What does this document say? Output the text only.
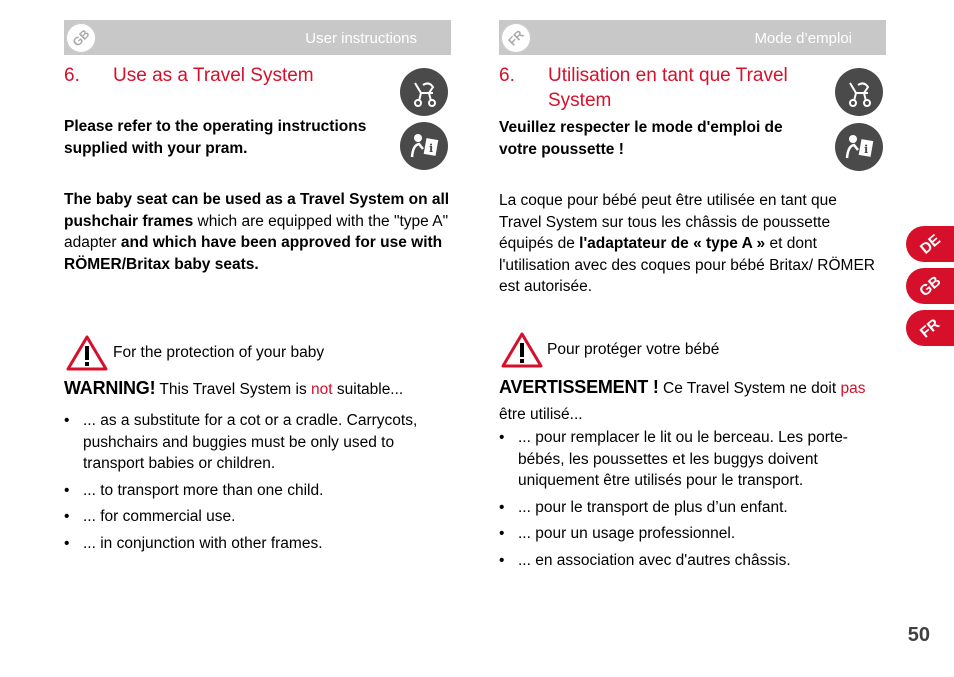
User instructions
GB	Mode d’emploi
FR
6. Use as a Travel System
i
Please refer to the operating instructions supplied with your pram.
The baby seat can be used as a Travel System on all pushchair frames which are equipped with the "type A" adapter and which have been approved for use with RÖMER/Britax baby seats.
For the protection of your baby
WARNING! This Travel System is not suitable...
• ... as a substitute for a cot or a cradle. Carrycots, pushchairs and buggies must be only used to transport babies or children.
• ... to transport more than one child.
• ... for commercial use.
• ... in conjunction with other frames.
6. Utilisation en tant que Travel
System
i
Veuillez respecter le mode d'emploi de votre poussette !
La coque pour bébé peut être utilisée en tant que Travel System sur tous les châssis de poussette équipés de l'adaptateur de « type A » et dont l'utilisation avec des coques pour bébé Britax/ RÖMER est autorisée.
Pour protéger votre bébé
AVERTISSEMENT ! Ce Travel System ne doit pas être utilisé...
• ... pour remplacer le lit ou le berceau. Les porte-bébés, les poussettes et les buggys doivent uniquement être utilisés pour le transport.
• ... pour le transport de plus d’un enfant.
• ... pour un usage professionnel.
• ... en association avec d'autres châssis.
DE
GB
FR
50
